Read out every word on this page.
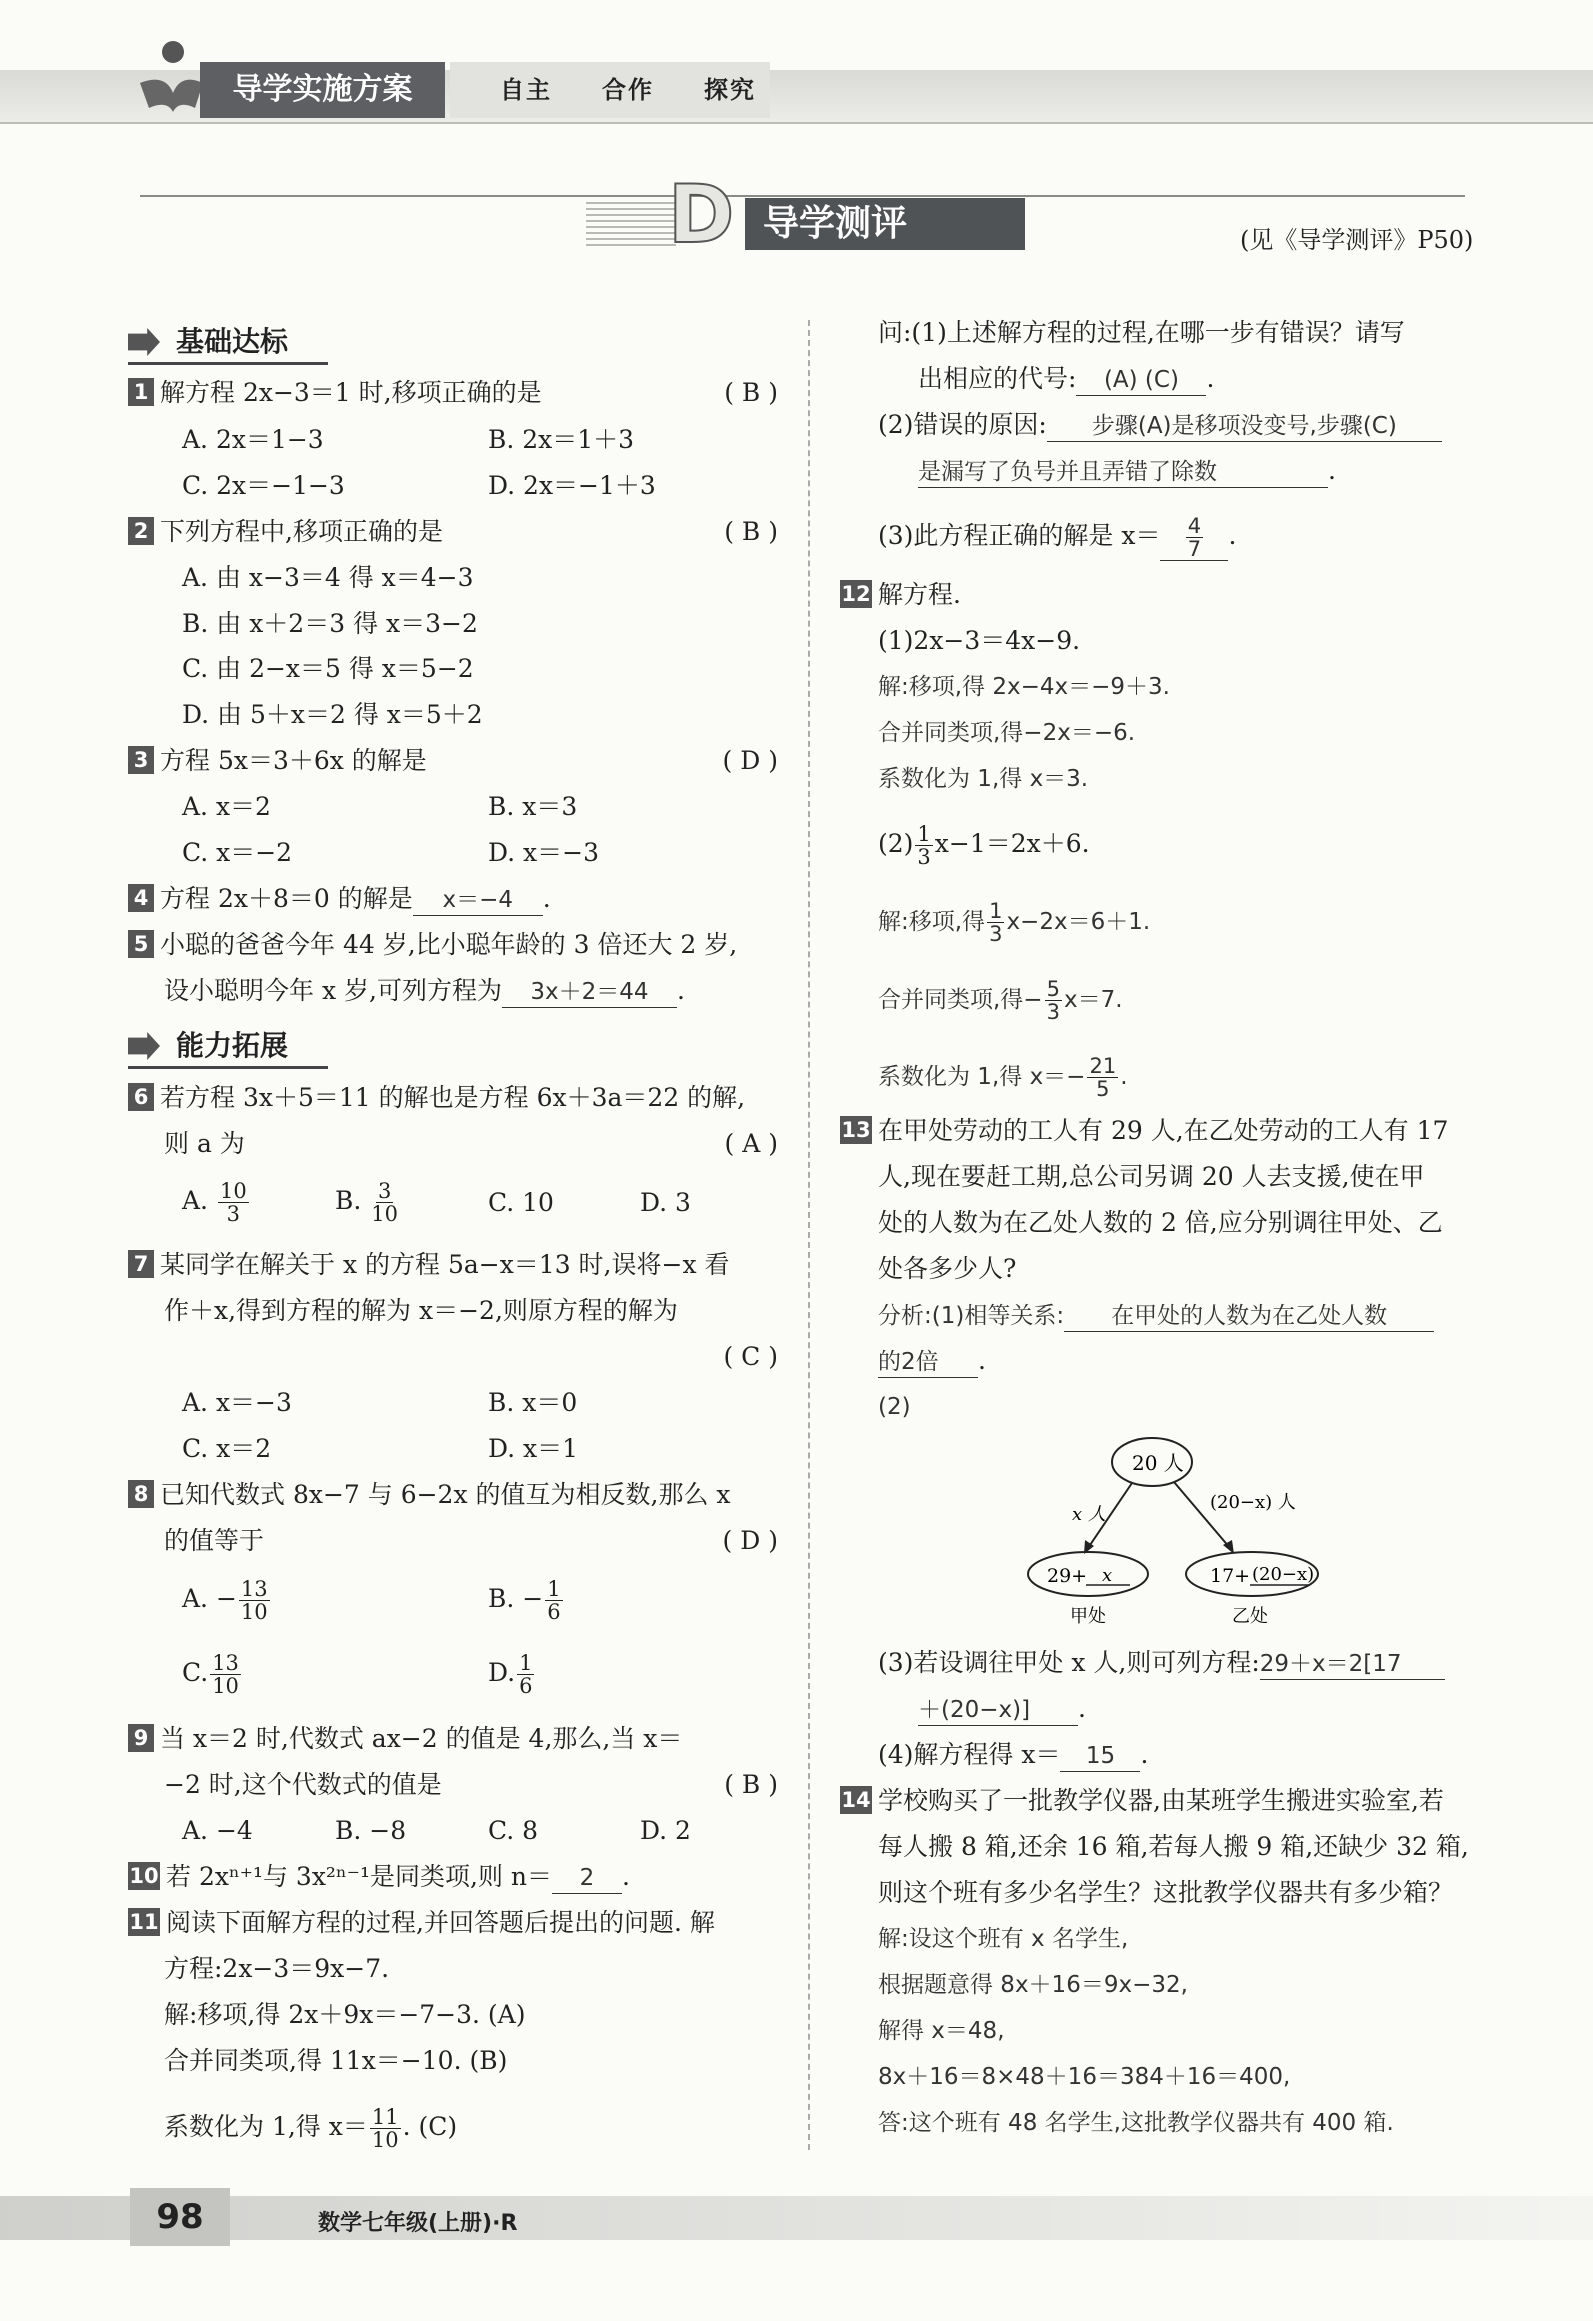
导学实施方案	自主 合作 探究
D 导学测评	(见《导学测评》P50)
基础达标
1 解方程 2x−3＝1 时,移项正确的是	( B )
A. 2x＝1−3	B. 2x＝1＋3
C. 2x＝−1−3	D. 2x＝−1＋3
2 下列方程中,移项正确的是	( B )
A. 由 x−3＝4 得 x＝4−3
B. 由 x＋2＝3 得 x＝3−2
C. 由 2−x＝5 得 x＝5−2
D. 由 5＋x＝2 得 x＝5＋2
3 方程 5x＝3＋6x 的解是	( D )
A. x＝2	B. x＝3
C. x＝−2	D. x＝−3
4 方程 2x＋8＝0 的解是 x＝−4 .
5 小聪的爸爸今年 44 岁,比小聪年龄的 3 倍还大 2 岁,
设小聪明今年 x 岁,可列方程为 3x＋2＝44 .
能力拓展
6 若方程 3x＋5＝11 的解也是方程 6x＋3a＝22 的解,
则 a 为	( A )
A. $\frac{10}{3}$	B. $\frac{3}{10}$	C. 10	D. 3
7 某同学在解关于 x 的方程 5a−x＝13 时,误将−x 看
作＋x,得到方程的解为 x＝−2,则原方程的解为
( C )
A. x＝−3	B. x＝0
C. x＝2	D. x＝1
8 已知代数式 8x−7 与 6−2x 的值互为相反数,那么 x
的值等于	( D )
A. − $\frac{13}{10}$	B. − $\frac{1}{6}$
C. $\frac{13}{10}$	D. $\frac{1}{6}$
9 当 x＝2 时,代数式 ax−2 的值是 4,那么,当 x＝
−2 时,这个代数式的值是	( B )
A. −4	B. −8	C. 8	D. 2
10 若 2xⁿ⁺¹与 3x²ⁿ⁻¹是同类项,则 n＝ 2 .
11 阅读下面解方程的过程,并回答题后提出的问题. 解
方程:2x−3＝9x−7.
解:移项,得 2x＋9x＝−7−3. (A)
合并同类项,得 11x＝−10. (B)
系数化为 1,得 $x= \frac{11}{10}$ . (C)
问:(1)上述解方程的过程,在哪一步有错误？请写
出相应的代号: (A) (C) .
(2)错误的原因: 步骤(A)是移项没变号,步骤(C)
是漏写了负号并且弄错了除数	.
(3)此方程正确的解是 $x= \frac{4}{7}$ .
12 解方程.
(1)2x−3＝4x−9.
解:移项,得 2x−4x＝−9＋3.
合并同类项,得−2x＝−6.
系数化为 1,得 x＝3.
$(2) \frac{1}{3} x-1=2x+6$.
解:移项,得 $\frac{1}{3} x-2x=6+1$.
合并同类项,得− $\frac{5}{3} x=7$.
系数化为 1,得 $x=- \frac{21}{5}$ .
13 在甲处劳动的工人有 29 人,在乙处劳动的工人有 17
人,现在要赶工期,总公司另调 20 人去支援,使在甲
处的人数为在乙处人数的 2 倍,应分别调往甲处、乙
处各多少人?
分析:(1)相等关系: 在甲处的人数为在乙处人数
的2倍 .
(2)
20 人
x 人
(20−x) 人
29+ x	17+ (20−x)
甲处	乙处
(3)若设调往甲处 x 人,则可列方程:29＋x＝2[17
＋(20−x)] .
(4)解方程得 x＝ 15 .
14 学校购买了一批教学仪器,由某班学生搬进实验室,若
每人搬 8 箱,还余 16 箱,若每人搬 9 箱,还缺少 32 箱,
则这个班有多少名学生？这批教学仪器共有多少箱？
解:设这个班有 x 名学生,
根据题意得 8x＋16＝9x−32,
解得 x＝48,
8x＋16＝8×48＋16＝384＋16＝400,
答:这个班有 48 名学生,这批教学仪器共有 400 箱.
98	数学七年级(上册)·R
